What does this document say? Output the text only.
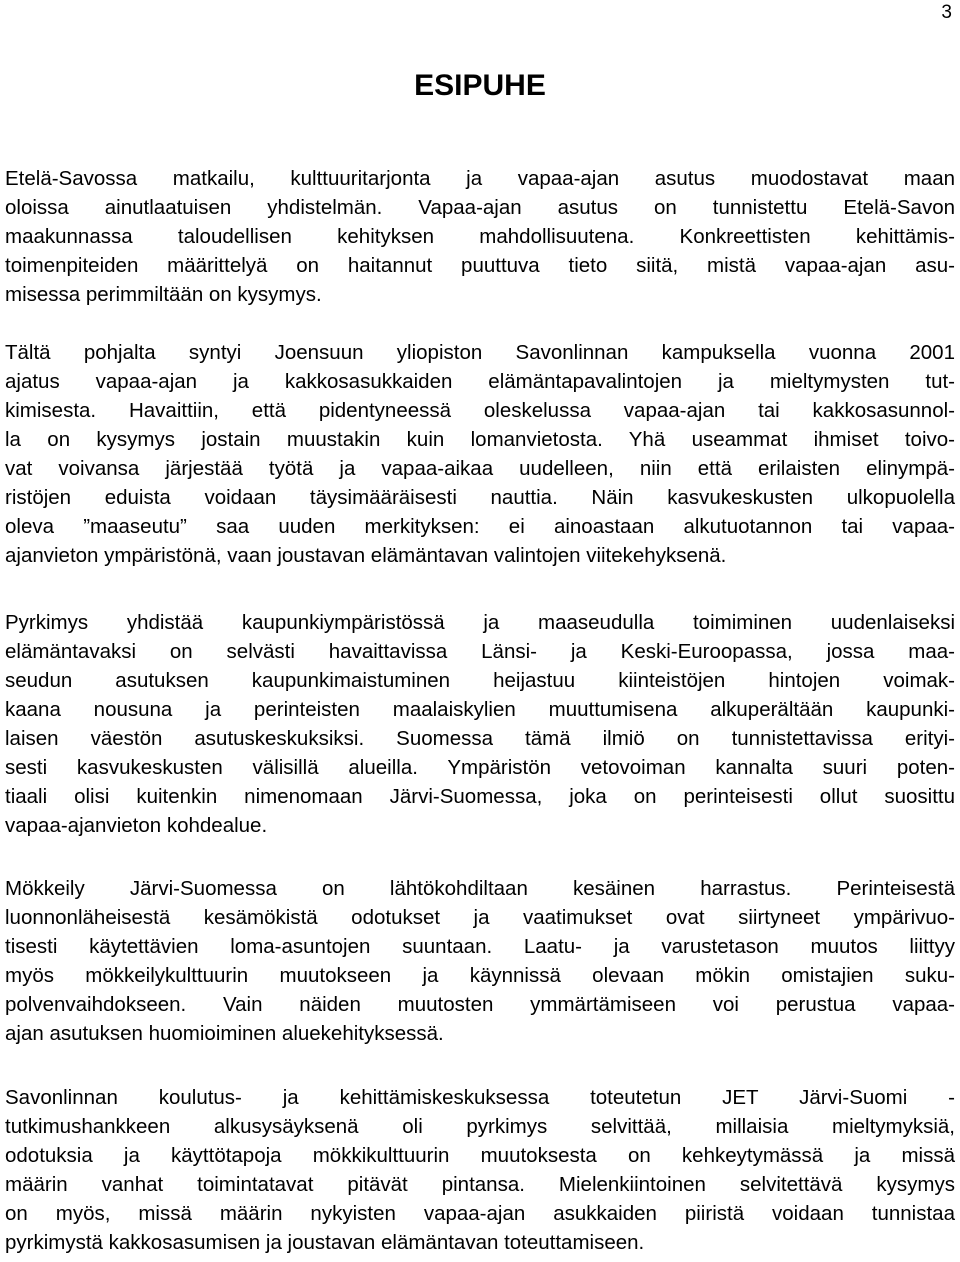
3
ESIPUHE

Etelä-Savossa matkailu, kulttuuritarjonta ja vapaa-ajan asutus muodostavat maan
oloissa ainutlaatuisen yhdistelmän. Vapaa-ajan asutus on tunnistettu Etelä-Savon
maakunnassa taloudellisen kehityksen mahdollisuutena. Konkreettisten kehittämis-
toimenpiteiden määrittelyä on haitannut puuttuva tieto siitä, mistä vapaa-ajan asu-
misessa perimmiltään on kysymys.

Tältä pohjalta syntyi Joensuun yliopiston Savonlinnan kampuksella vuonna 2001
ajatus vapaa-ajan ja kakkosasukkaiden elämäntapavalintojen ja mieltymysten tut-
kimisesta. Havaittiin, että pidentyneessä oleskelussa vapaa-ajan tai kakkosasunnol-
la on kysymys jostain muustakin kuin lomanvietosta. Yhä useammat ihmiset toivo-
vat voivansa järjestää työtä ja vapaa-aikaa uudelleen, niin että erilaisten elinympä-
ristöjen eduista voidaan täysimääräisesti nauttia. Näin kasvukeskusten ulkopuolella
oleva ”maaseutu” saa uuden merkityksen: ei ainoastaan alkutuotannon tai vapaa-
ajanvieton ympäristönä, vaan joustavan elämäntavan valintojen viitekehyksenä.

Pyrkimys yhdistää kaupunkiympäristössä ja maaseudulla toimiminen uudenlaiseksi
elämäntavaksi on selvästi havaittavissa Länsi- ja Keski-Euroopassa, jossa maa-
seudun asutuksen kaupunkimaistuminen heijastuu kiinteistöjen hintojen voimak-
kaana nousuna ja perinteisten maalaiskylien muuttumisena alkuperältään kaupunki-
laisen väestön asutuskeskuksiksi. Suomessa tämä ilmiö on tunnistettavissa erityi-
sesti kasvukeskusten välisillä alueilla. Ympäristön vetovoiman kannalta suuri poten-
tiaali olisi kuitenkin nimenomaan Järvi-Suomessa, joka on perinteisesti ollut suosittu
vapaa-ajanvieton kohdealue.

Mökkeily Järvi-Suomessa on lähtökohdiltaan kesäinen harrastus. Perinteisestä
luonnonläheisestä kesämökistä odotukset ja vaatimukset ovat siirtyneet ympärivuo-
tisesti käytettävien loma-asuntojen suuntaan. Laatu- ja varustetason muutos liittyy
myös mökkeilykulttuurin muutokseen ja käynnissä olevaan mökin omistajien suku-
polvenvaihdokseen. Vain näiden muutosten ymmärtämiseen voi perustua vapaa-
ajan asutuksen huomioiminen aluekehityksessä.

Savonlinnan koulutus- ja kehittämiskeskuksessa toteutetun JET Järvi-Suomi -
tutkimushankkeen alkusysäyksenä oli pyrkimys selvittää, millaisia mieltymyksiä,
odotuksia ja käyttötapoja mökkikulttuurin muutoksesta on kehkeytymässä ja missä
määrin vanhat toimintatavat pitävät pintansa. Mielenkiintoinen selvitettävä kysymys
on myös, missä määrin nykyisten vapaa-ajan asukkaiden piiristä voidaan tunnistaa
pyrkimystä kakkosasumisen ja joustavan elämäntavan toteuttamiseen.
